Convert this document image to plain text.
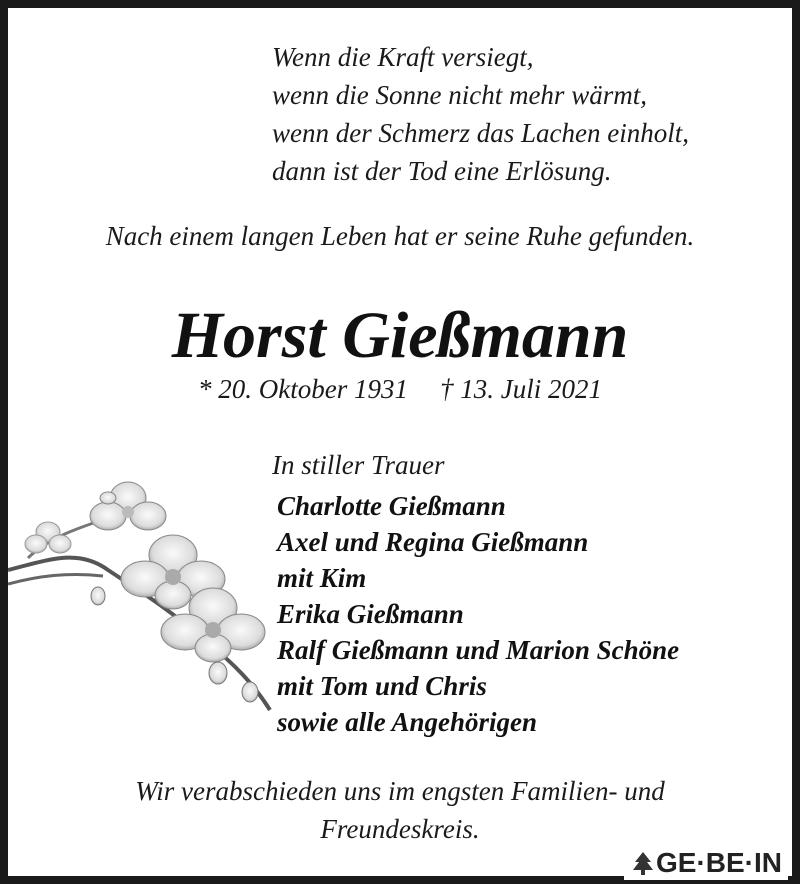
Wenn die Kraft versiegt,
wenn die Sonne nicht mehr wärmt,
wenn der Schmerz das Lachen einholt,
dann ist der Tod eine Erlösung.
Nach einem langen Leben hat er seine Ruhe gefunden.
Horst Gießmann
* 20. Oktober 1931 † 13. Juli 2021
In stiller Trauer
Charlotte Gießmann
Axel und Regina Gießmann
mit Kim
Erika Gießmann
Ralf Gießmann und Marion Schöne
mit Tom und Chris
sowie alle Angehörigen
Wir verabschieden uns im engsten Familien- und
Freundeskreis.
GE·BE·IN
